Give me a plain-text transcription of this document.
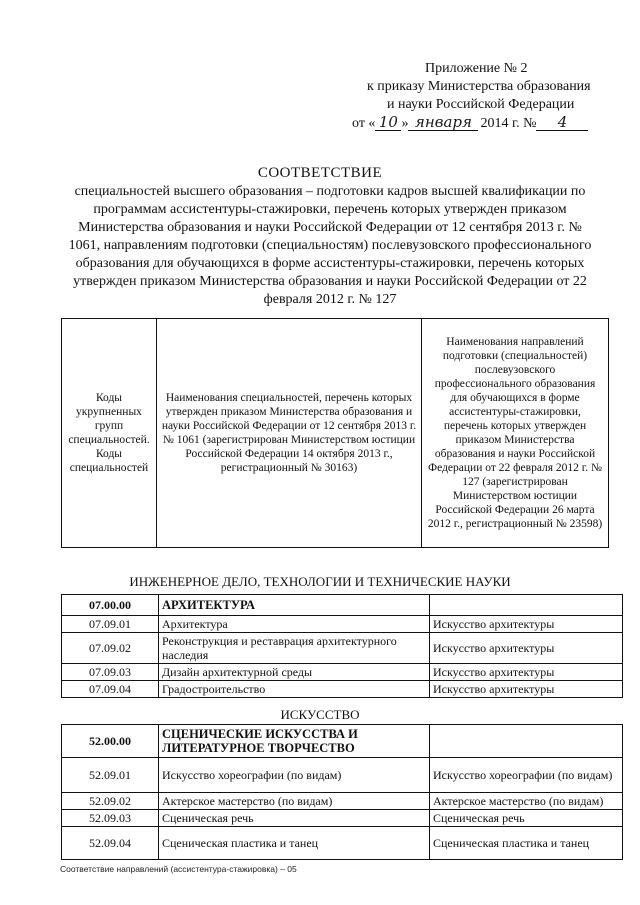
Приложение № 2
к приказу Министерства образования
и науки Российской Федерации
от « 10 » января 2014 г. №	4
СООТВЕТСТВИЕ
специальностей высшего образования – подготовки кадров высшей квалификации по программам ассистентуры-стажировки, перечень которых утвержден приказом Министерства образования и науки Российской Федерации от 12 сентября 2013 г. № 1061, направлениям подготовки (специальностям) послевузовского профессионального образования для обучающихся в форме ассистентуры-стажировки, перечень которых утвержден приказом Министерства образования и науки Российской Федерации от 22 февраля 2012 г. № 127
Коды укрупненных групп специальностей. Коды специальностей	Наименования специальностей, перечень которых утвержден приказом Министерства образования и науки Российской Федерации от 12 сентября 2013 г. № 1061 (зарегистрирован Министерством юстиции Российской Федерации 14 октября 2013 г., регистрационный № 30163)	Наименования направлений подготовки (специальностей) послевузовского профессионального образования для обучающихся в форме ассистентуры-стажировки, перечень которых утвержден приказом Министерства образования и науки Российской Федерации от 22 февраля 2012 г. № 127 (зарегистрирован Министерством юстиции Российской Федерации 26 марта 2012 г., регистрационный № 23598)
ИНЖЕНЕРНОЕ ДЕЛО, ТЕХНОЛОГИИ И ТЕХНИЧЕСКИЕ НАУКИ
07.00.00	АРХИТЕКТУРА	
07.09.01	Архитектура	Искусство архитектуры
07.09.02	Реконструкция и реставрация архитектурного наследия	Искусство архитектуры
07.09.03	Дизайн архитектурной среды	Искусство архитектуры
07.09.04	Градостроительство	Искусство архитектуры
ИСКУССТВО
52.00.00	СЦЕНИЧЕСКИЕ ИСКУССТВА И ЛИТЕРАТУРНОЕ ТВОРЧЕСТВО	
52.09.01	Искусство хореографии (по видам)	Искусство хореографии (по видам)
52.09.02	Актерское мастерство (по видам)	Актерское мастерство (по видам)
52.09.03	Сценическая речь	Сценическая речь
52.09.04	Сценическая пластика и танец	Сценическая пластика и танец
Соответствие направлений (ассистентура-стажировка) – 05
